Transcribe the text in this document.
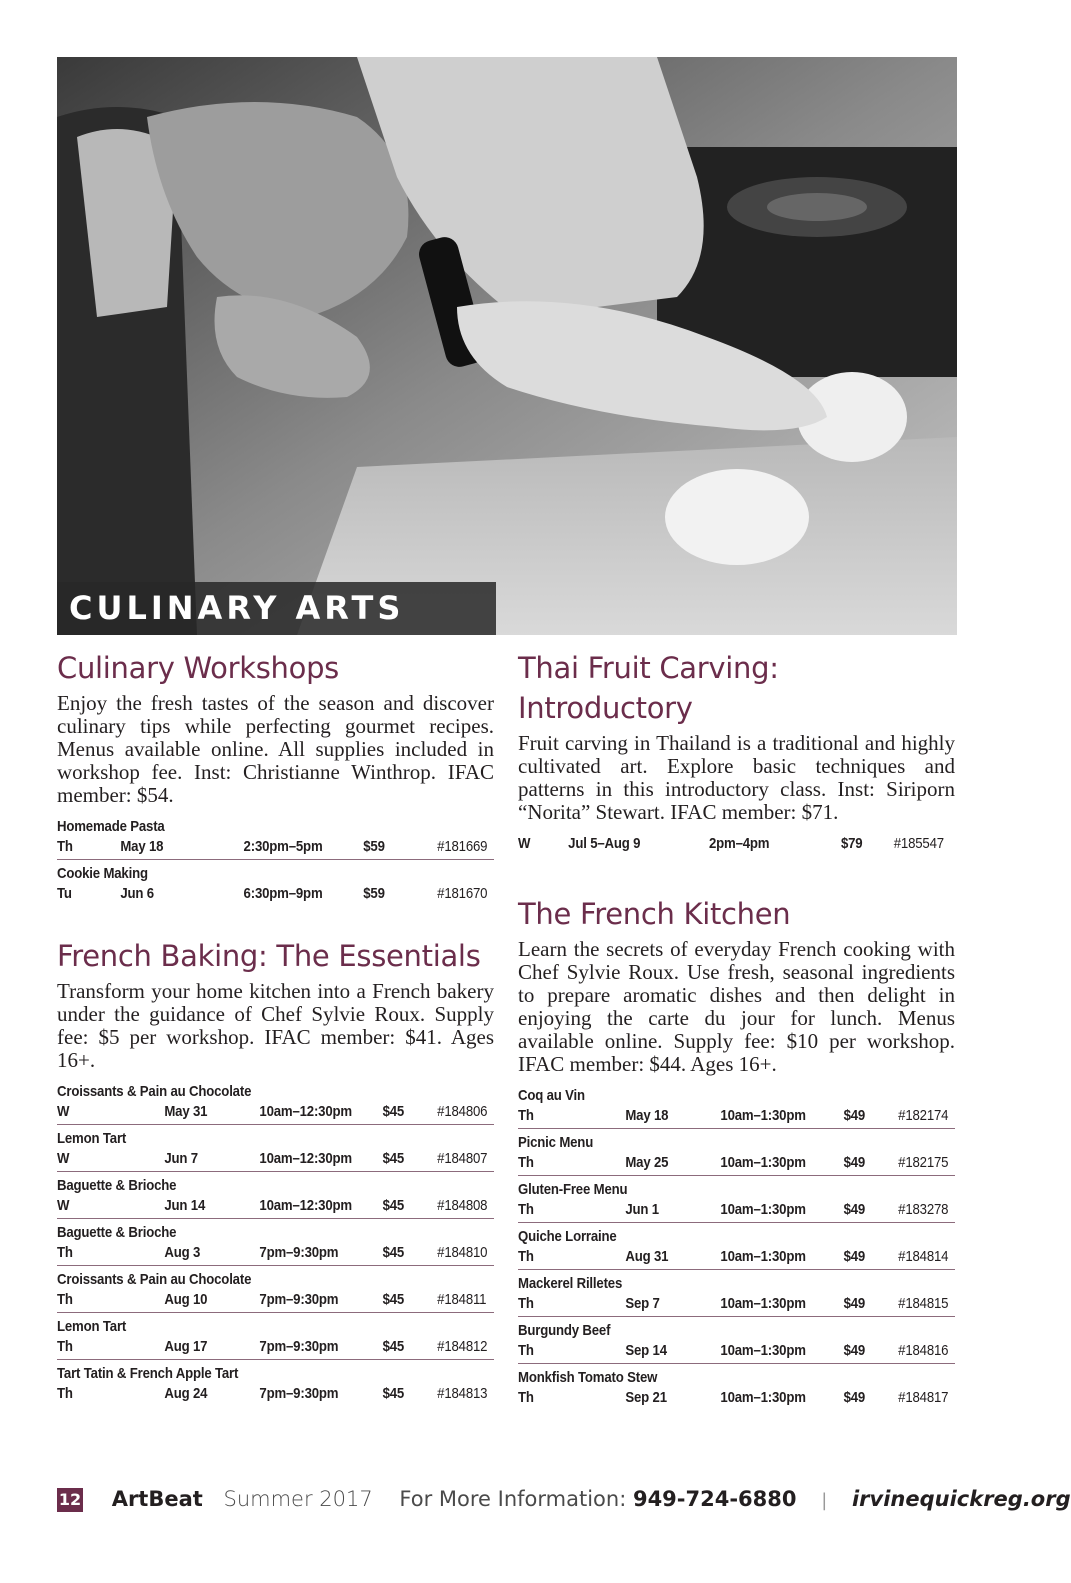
CULINARY ARTS
Culinary Workshops

Enjoy the fresh tastes of the season and discover culinary tips while perfecting gourmet recipes. Menus available online. All supplies included in workshop fee. Inst: Christianne Winthrop. IFAC member: $54.

Homemade Pasta
Th	May 18	2:30pm–5pm	$59	#181669
Cookie Making
Tu	Jun 6	6:30pm–9pm	$59	#181670
French Baking: The Essentials

Transform your home kitchen into a French bakery under the guidance of Chef Sylvie Roux. Supply fee: $5 per workshop. IFAC member: $41. Ages 16+.

Croissants & Pain au Chocolate
W	May 31	10am–12:30pm $45 #184806
Lemon Tart
W	Jun 7	10am–12:30pm $45 #184807
Baguette & Brioche
W	Jun 14	10am–12:30pm $45 #184808
Baguette & Brioche
Th	Aug 3	7pm–9:30pm	$45 #184810
Croissants & Pain au Chocolate
Th	Aug 10	7pm–9:30pm	$45 #184811
Lemon Tart
Th	Aug 17	7pm–9:30pm	$45 #184812
Tart Tatin & French Apple Tart
Th	Aug 24	7pm–9:30pm	$45 #184813
Thai Fruit Carving: Introductory

Fruit carving in Thailand is a traditional and highly cultivated art. Explore basic techniques and patterns in this introductory class. Inst: Siriporn “Norita” Stewart. IFAC member: $71.

W	Jul 5–Aug 9	2pm–4pm	$79 #185547
The French Kitchen

Learn the secrets of everyday French cooking with Chef Sylvie Roux. Use fresh, seasonal ingredients to prepare aromatic dishes and then delight in enjoying the carte du jour for lunch. Menus available online. Supply fee: $10 per workshop. IFAC member: $44. Ages 16+.

Coq au Vin
Th	May 18	10am–1:30pm	$49 #182174
Picnic Menu
Th	May 25	10am–1:30pm	$49 #182175
Gluten-Free Menu
Th	Jun 1	10am–1:30pm	$49 #183278
Quiche Lorraine
Th	Aug 31	10am–1:30pm	$49 #184814
Mackerel Rilletes
Th	Sep 7	10am–1:30pm	$49 #184815
Burgundy Beef
Th	Sep 14	10am–1:30pm	$49 #184816
Monkfish Tomato Stew
Th	Sep 21	10am–1:30pm	$49 #184817
12 ArtBeat Summer 2017 For More Information: 949-724-6880 | irvinequickreg.org
